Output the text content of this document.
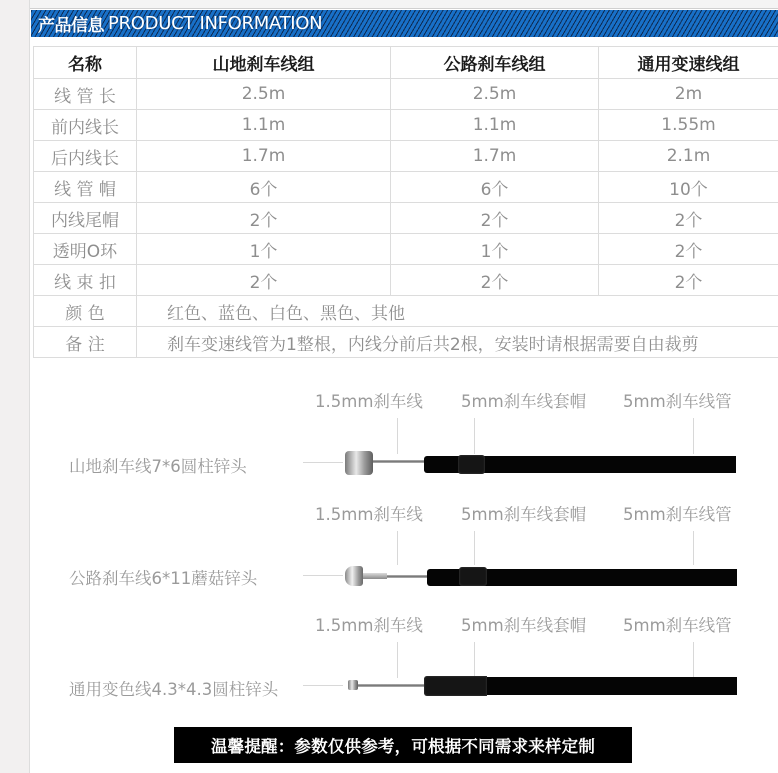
产品信息 PRODUCT INFORMATION
名称	山地刹车线组	公路刹车线组	通用变速线组
线 管 长	2.5m	2.5m	2m
前内线长	1.1m	1.1m	1.55m
后内线长	1.7m	1.7m	2.1m
线 管 帽	6个	6个	10个
内线尾帽	2个	2个	2个
透明O环	1个	1个	2个
线 束 扣	2个	2个	2个
颜 色	红色、蓝色、白色、黑色、其他		
备 注	刹车变速线管为1整根，内线分前后共2根，安装时请根据需要自由裁剪		
1.5mm刹车线 5mm刹车线套帽 5mm刹车线管
山地刹车线7*6圆柱锌头
1.5mm刹车线 5mm刹车线套帽 5mm刹车线管
公路刹车线6*11蘑菇锌头
1.5mm刹车线 5mm刹车线套帽 5mm刹车线管
通用变色线4.3*4.3圆柱锌头
温馨提醒：参数仅供参考，可根据不同需求来样定制
